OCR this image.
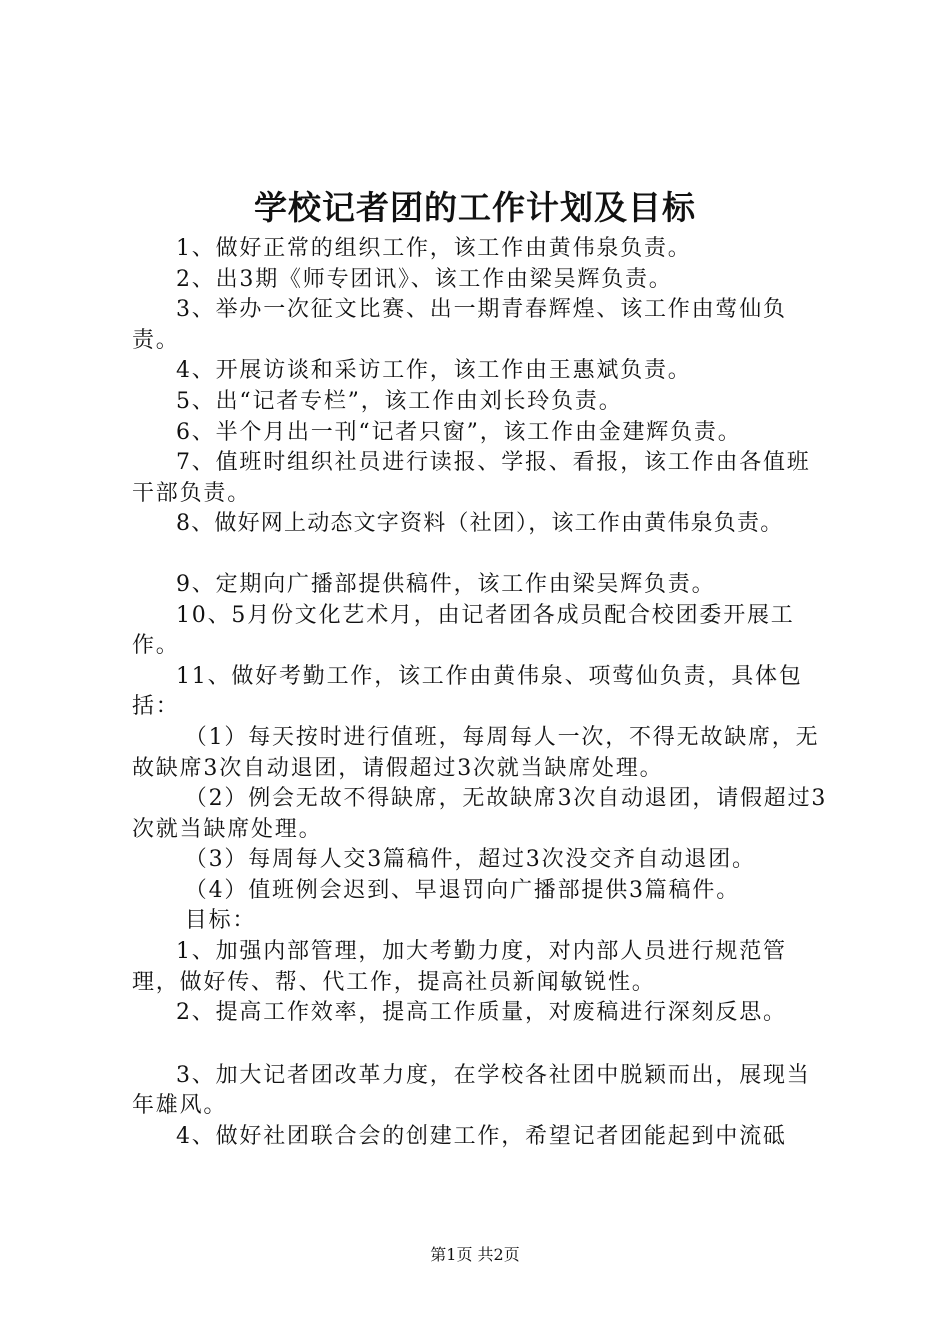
学校记者团的工作计划及目标

1、做好正常的组织工作，该工作由黄伟泉负责。

2、出3期《师专团讯》、该工作由梁吴辉负责。

3、举办一次征文比赛、出一期青春辉煌、该工作由莺仙负责。

4、开展访谈和采访工作，该工作由王惠斌负责。

5、出“记者专栏”，该工作由刘长玲负责。

6、半个月出一刊“记者只窗”，该工作由金建辉负责。

7、值班时组织社员进行读报、学报、看报，该工作由各值班干部负责。

8、做好网上动态文字资料（社团），该工作由黄伟泉负责。

9、定期向广播部提供稿件，该工作由梁吴辉负责。

10、5月份文化艺术月，由记者团各成员配合校团委开展工作。

11、做好考勤工作，该工作由黄伟泉、项莺仙负责，具体包括：

（1）每天按时进行值班，每周每人一次，不得无故缺席，无故缺席3次自动退团，请假超过3次就当缺席处理。

（2）例会无故不得缺席，无故缺席3次自动退团，请假超过3次就当缺席处理。

（3）每周每人交3篇稿件，超过3次没交齐自动退团。

（4）值班例会迟到、早退罚向广播部提供3篇稿件。

目标：

1、加强内部管理，加大考勤力度，对内部人员进行规范管理，做好传、帮、代工作，提高社员新闻敏锐性。

2、提高工作效率，提高工作质量，对废稿进行深刻反思。

3、加大记者团改革力度，在学校各社团中脱颖而出，展现当年雄风。

4、做好社团联合会的创建工作，希望记者团能起到中流砥

第1页 共2页
